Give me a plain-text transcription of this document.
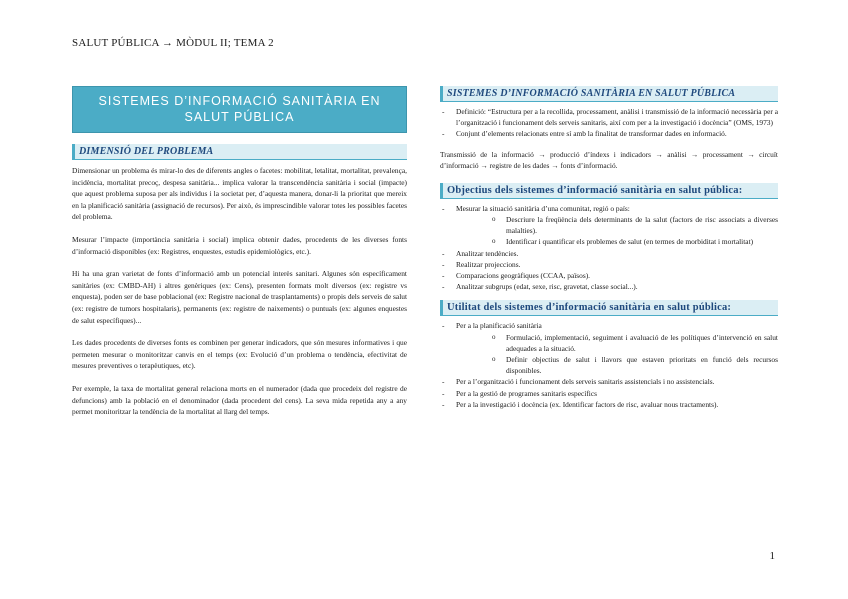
SALUT PÚBLICA → MÒDUL II; TEMA 2
SISTEMES D’INFORMACIÓ SANITÀRIA EN SALUT PÚBLICA
DIMENSIÓ DEL PROBLEMA

Dimensionar un problema és mirar-lo des de diferents angles o facetes: mobilitat, letalitat, mortalitat, prevalença, incidència, mortalitat precoç, despesa sanitària... implica valorar la transcendència sanitària i social (impacte) que aquest problema suposa per als individus i la societat per, d’aquesta manera, donar-li la prioritat que mereix en la planificació sanitària (assignació de recursos). Per això, és imprescindible valorar totes les possibles facetes del problema.

Mesurar l’impacte (importància sanitària i social) implica obtenir dades, procedents de les diverses fonts d’informació disponibles (ex: Registres, enquestes, estudis epidemiològics, etc.).

Hi ha una gran varietat de fonts d’informació amb un potencial interès sanitari. Algunes són específicament sanitàries (ex: CMBD-AH) i altres genèriques (ex: Cens), presenten formats molt diversos (ex: registre vs enquesta), poden ser de base poblacional (ex: Registre nacional de trasplantaments) o propis dels serveis de salut (ex: registre de tumors hospitalaris), permanents (ex: registre de naixements) o puntuals (ex: algunes enquestes de salut específiques)...

Les dades procedents de diverses fonts es combinen per generar indicadors, que són mesures informatives i que permeten mesurar o monitoritzar canvis en el temps (ex: Evolució d’un problema o tendència, efectivitat de mesures preventives o terapèutiques, etc).

Per exemple, la taxa de mortalitat general relaciona morts en el numerador (dada que procedeix del registre de defuncions) amb la població en el denominador (dada procedent del cens). La seva mida repetida any a any permet monitoritzar la tendència de la mortalitat al llarg del temps.

SISTEMES D’INFORMACIÓ SANITÀRIA EN SALUT PÚBLICA
- Definició: “Estructura per a la recollida, processament, anàlisi i transmissió de la informació necessària per a l’organització i funcionament dels serveis sanitaris, així com per a la investigació i docència” (OMS, 1973)
- Conjunt d’elements relacionats entre sí amb la finalitat de transformar dades en informació.

Transmissió de la informació → producció d’índexs i indicadors → anàlisi → processament → circuït d’informació → registre de les dades → fonts d’informació.

Objectius dels sistemes d’informació sanitària en salut pública:
- Mesurar la situació sanitària d’una comunitat, regió o país:
o Descriure la freqüència dels determinants de la salut (factors de risc associats a diverses malalties).
o Identificar i quantificar els problemes de salut (en termes de morbiditat i mortalitat)
- Analitzar tendències.
- Realitzar projeccions.
- Comparacions geogràfiques (CCAA, països).
- Analitzar subgrups (edat, sexe, risc, gravetat, classe social...).
Utilitat dels sistemes d’informació sanitària en salut pública:
- Per a la planificació sanitària
o Formulació, implementació, seguiment i avaluació de les polítiques d’intervenció en salut adequades a la situació.
o Definir objectius de salut i llavors que estaven prioritats en funció dels recursos disponibles.
- Per a l’organització i funcionament dels serveis sanitaris assistencials i no assistencials.
- Per a la gestió de programes sanitaris específics
- Per a la investigació i docència (ex. Identificar factors de risc, avaluar nous tractaments).
1
